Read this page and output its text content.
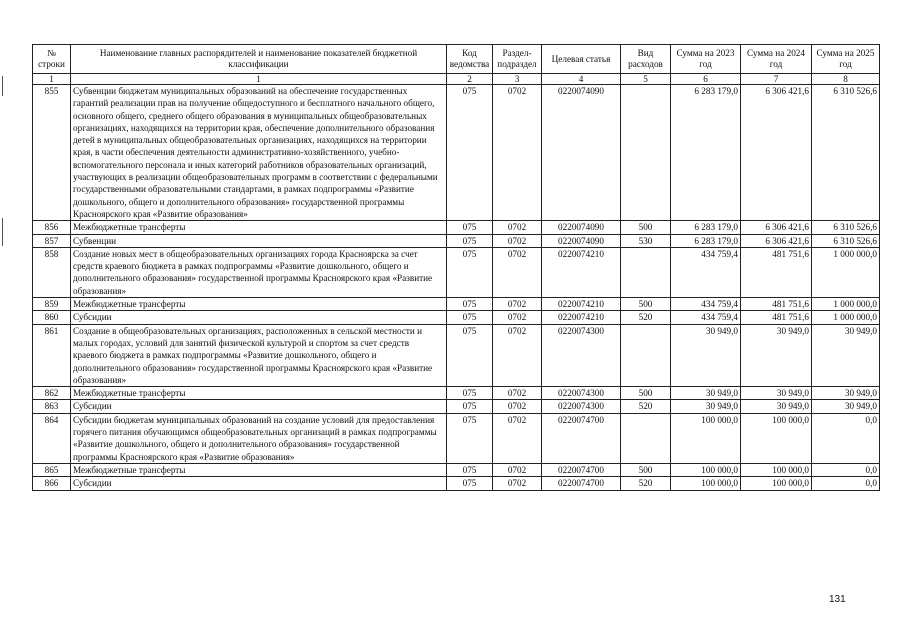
№ строки	Наименование главных распорядителей и наименование показателей бюджетной классификации	Код ведомства	Раздел-подраздел	Целевая статья	Вид расходов	Сумма на 2023 год	Сумма на 2024 год	Сумма на 2025 год
1	1	2	3	4	5	6	7	8
855	Субвенции бюджетам муниципальных образований на обеспечение государственных гарантий реализации прав на получение общедоступного и бесплатного начального общего, основного общего, среднего общего образования в муниципальных общеобразовательных организациях, находящихся на территории края, обеспечение дополнительного образования детей в муниципальных общеобразовательных организациях, находящихся на территории края, в части обеспечения деятельности административно-хозяйственного, учебно-вспомогательного персонала и иных категорий работников образовательных организаций, участвующих в реализации общеобразовательных программ в соответствии с федеральными государственными образовательными стандартами, в рамках подпрограммы «Развитие дошкольного, общего и дополнительного образования» государственной программы Красноярского края «Развитие образования»	075	0702	0220074090		6 283 179,0	6 306 421,6	6 310 526,6
856	Межбюджетные трансферты	075	0702	0220074090	500	6 283 179,0	6 306 421,6	6 310 526,6
857	Субвенции	075	0702	0220074090	530	6 283 179,0	6 306 421,6	6 310 526,6
858	Создание новых мест в общеобразовательных организациях города Красноярска за счет средств краевого бюджета в рамках подпрограммы «Развитие дошкольного, общего и дополнительного образования» государственной программы Красноярского края «Развитие образования»	075	0702	0220074210		434 759,4	481 751,6	1 000 000,0
859	Межбюджетные трансферты	075	0702	0220074210	500	434 759,4	481 751,6	1 000 000,0
860	Субсидии	075	0702	0220074210	520	434 759,4	481 751,6	1 000 000,0
861	Создание в общеобразовательных организациях, расположенных в сельской местности и малых городах, условий для занятий физической культурой и спортом за счет средств краевого бюджета в рамках подпрограммы «Развитие дошкольного, общего и дополнительного образования» государственной программы Красноярского края «Развитие образования»	075	0702	0220074300		30 949,0	30 949,0	30 949,0
862	Межбюджетные трансферты	075	0702	0220074300	500	30 949,0	30 949,0	30 949,0
863	Субсидии	075	0702	0220074300	520	30 949,0	30 949,0	30 949,0
864	Субсидии бюджетам муниципальных образований на создание условий для предоставления горячего питания обучающимся общеобразовательных организаций в рамках подпрограммы «Развитие дошкольного, общего и дополнительного образования» государственной программы Красноярского края «Развитие образования»	075	0702	0220074700		100 000,0	100 000,0	0,0
865	Межбюджетные трансферты	075	0702	0220074700	500	100 000,0	100 000,0	0,0
866	Субсидии	075	0702	0220074700	520	100 000,0	100 000,0	0,0
131
